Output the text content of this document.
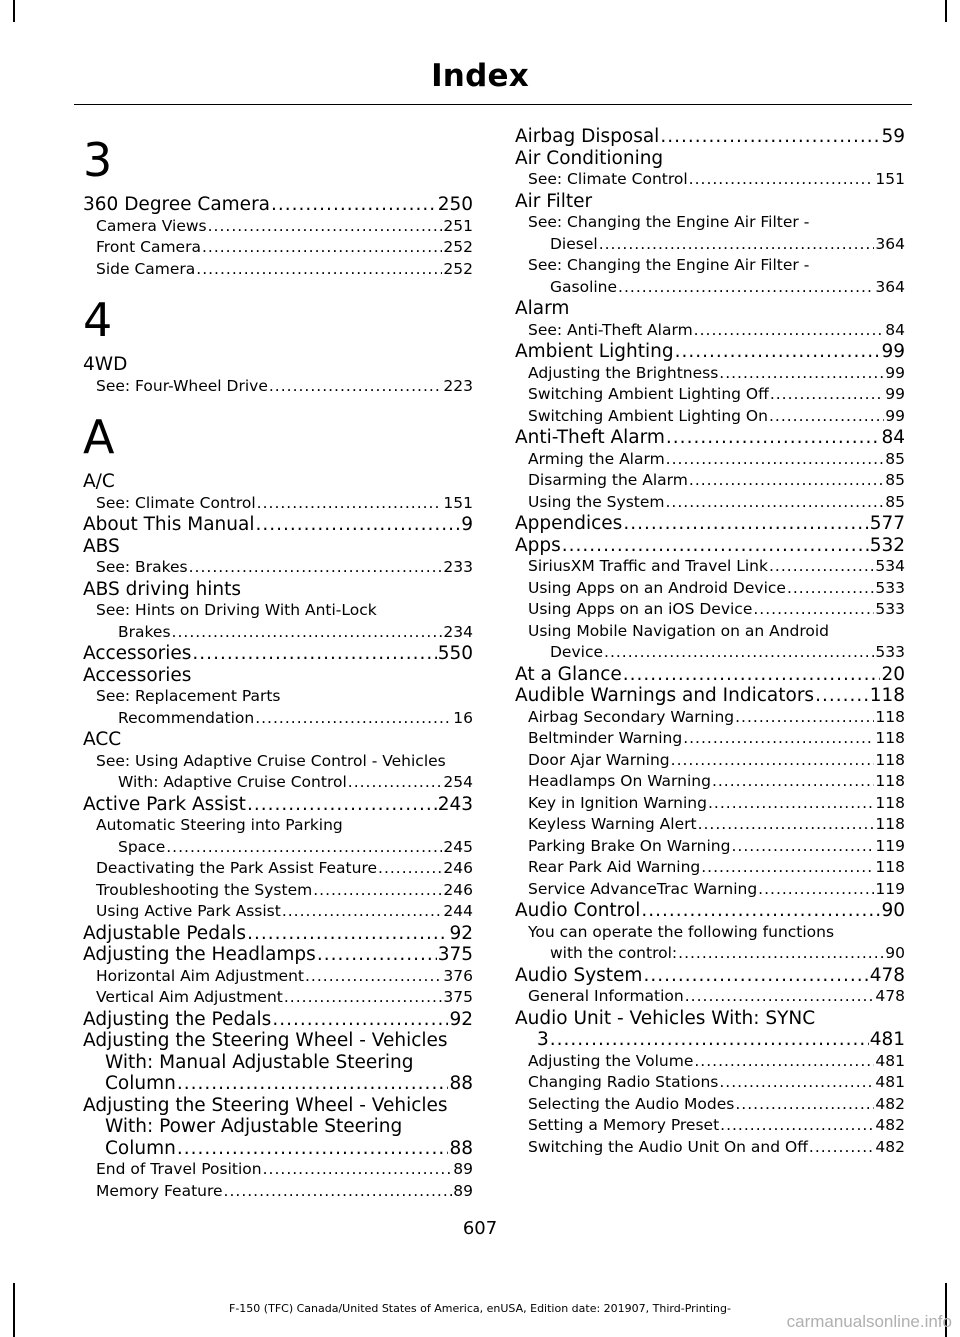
Index
3
360 Degree Camera .....	250
Camera Views .....	251
Front Camera .....	252
Side Camera .....	252
4
4WD
See: Four-Wheel Drive .....	223
A
A/C
See: Climate Control .....	151
About This Manual .....	9
ABS
See: Brakes .....	233
ABS driving hints
See: Hints on Driving With Anti-Lock
Brakes .....	234
Accessories .....	550
Accessories
See: Replacement Parts
Recommendation .....	16
ACC
See: Using Adaptive Cruise Control - Vehicles
With: Adaptive Cruise Control .....	254
Active Park Assist .....	243
Automatic Steering into Parking
Space .....	245
Deactivating the Park Assist Feature .....	246
Troubleshooting the System .....	246
Using Active Park Assist .....	244
Adjustable Pedals .....	92
Adjusting the Headlamps .....	375
Horizontal Aim Adjustment .....	376
Vertical Aim Adjustment .....	375
Adjusting the Pedals .....	92
Adjusting the Steering Wheel - Vehicles
With: Manual Adjustable Steering
Column .....	88
Adjusting the Steering Wheel - Vehicles
With: Power Adjustable Steering
Column .....	88
End of Travel Position .....	89
Memory Feature .....	89
Airbag Disposal .....	59
Air Conditioning
See: Climate Control .....	151
Air Filter
See: Changing the Engine Air Filter -
Diesel .....	364
See: Changing the Engine Air Filter -
Gasoline .....	364
Alarm
See: Anti-Theft Alarm .....	84
Ambient Lighting .....	99
Adjusting the Brightness .....	99
Switching Ambient Lighting Off .....	99
Switching Ambient Lighting On .....	99
Anti-Theft Alarm .....	84
Arming the Alarm .....	85
Disarming the Alarm .....	85
Using the System .....	85
Appendices .....	577
Apps .....	532
SiriusXM Traffic and Travel Link .....	534
Using Apps on an Android Device .....	533
Using Apps on an iOS Device .....	533
Using Mobile Navigation on an Android
Device .....	533
At a Glance .....	20
Audible Warnings and Indicators .....	118
Airbag Secondary Warning .....	118
Beltminder Warning .....	118
Door Ajar Warning .....	118
Headlamps On Warning .....	118
Key in Ignition Warning .....	118
Keyless Warning Alert .....	118
Parking Brake On Warning .....	119
Rear Park Aid Warning .....	118
Service AdvanceTrac Warning .....	119
Audio Control .....	90
You can operate the following functions
with the control: .....	90
Audio System .....	478
General Information .....	478
Audio Unit - Vehicles With: SYNC
3 .....	481
Adjusting the Volume .....	481
Changing Radio Stations .....	481
Selecting the Audio Modes .....	482
Setting a Memory Preset .....	482
Switching the Audio Unit On and Off .....	482
607
F-150 (TFC) Canada/United States of America, enUSA, Edition date: 201907, Third-Printing-
carmanualsonline.info
